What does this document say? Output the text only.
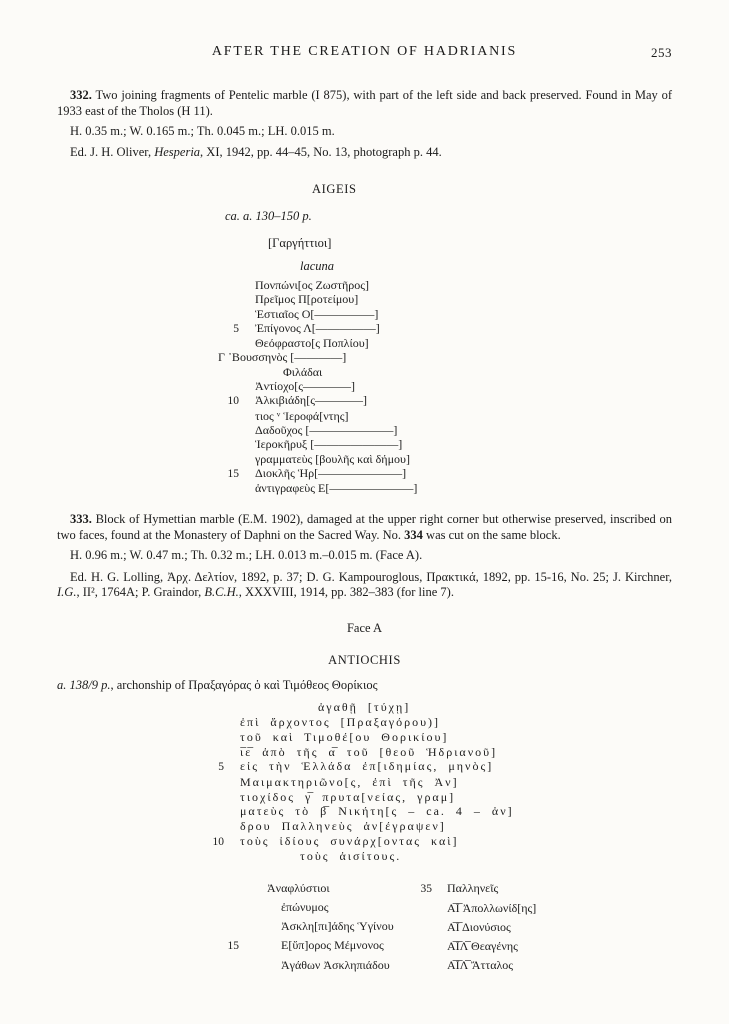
AFTER THE CREATION OF HADRIANIS	253

332. Two joining fragments of Pentelic marble (I 875), with part of the left side and back preserved. Found in May of 1933 east of the Tholos (H 11).

H. 0.35 m.; W. 0.165 m.; Th. 0.045 m.; LH. 0.015 m.

Ed. J. H. Oliver, Hesperia, XI, 1942, pp. 44–45, No. 13, photograph p. 44.

AIGEIS
ca. a. 130–150 p.
[Γαργήττιοι]
lacuna
Πονπώνι[ος Ζωστῆρος]
Πρεῖμος Π[ροτείμου]
Ἑστιαῖος Ο[—————]
5 Ἐπίγονος Λ[—————]
Θεόφραστο[ς Ποπλίου]
Γ ᾽Βουσσηνὸς [————]
Φιλάδαι
Ἀντίοχο[ς————]
10 Ἀλκιβιάδη[ς————]
τιος ᵛ Ἱεροφά[ντης]
Δαδοῦχος [———————]
Ἱεροκῆρυξ [———————]
γραμματεὺς [βουλῆς καὶ δήμου]
15 Διοκλῆς Ἡρ[———————]
ἀντιγραφεὺς Ε[———————]

333. Block of Hymettian marble (E.M. 1902), damaged at the upper right corner but otherwise preserved, inscribed on two faces, found at the Monastery of Daphni on the Sacred Way. No. 334 was cut on the same block.

H. 0.96 m.; W. 0.47 m.; Th. 0.32 m.; LH. 0.013 m.–0.015 m. (Face A).

Ed. H. G. Lolling, Ἀρχ. Δελτίον, 1892, p. 37; D. G. Kampouroglous, Πρακτικά, 1892, pp. 15-16, No. 25; J. Kirchner, I.G., II², 1764A; P. Graindor, B.C.H., XXXVIII, 1914, pp. 382–383 (for line 7).

Face A
ANTIOCHIS

a. 138/9 p., archonship of Πραξαγόρας ὁ καὶ Τιμόθεος Θορίκιος

ἀγαθῇ [τύχῃ]
ἐπὶ ἄρχοντος [Πραξαγόρου)]
τοῦ καὶ Τιμοθέ[ου Θορικίου]
ι̅ε̅ ἀπὸ τῆς α̅ τοῦ [θεοῦ Ἡδριανοῦ]
5 εἰς τὴν Ἑλλάδα ἐπ[ιδημίας, μηνὸς]
Μαιμακτηριῶνο[ς, ἐπὶ τῆς Ἀν]
τιοχίδος γ̅ πρυτα[νείας, γραμ]
ματεὺς τὸ β̅ Νικήτη[ς – ca. 4 – ἀν]
δρου Παλληνεὺς ἀν[έγραψεν]
10 τοὺς ἰδίους συνάρχ[οντας καὶ]
τοὺς ἀισίτους.
Ἀναφλύστιοι
ἐπώνυμος
Ἀσκλη[πι]άδης Ὑγίνου
15	Ε[ὕπ]ορος Μέμνονος
Ἀγάθων Ἀσκληπιάδου
35 Παλληνεῖς
Α̅Ι̅ Ἀπολλωνίδ[ης]
Α̅Ι̅ Διονύσιος
Α̅Ι̅Λ̅ Θεαγένης
Α̅Ι̅Λ̅ Ἄτταλος
